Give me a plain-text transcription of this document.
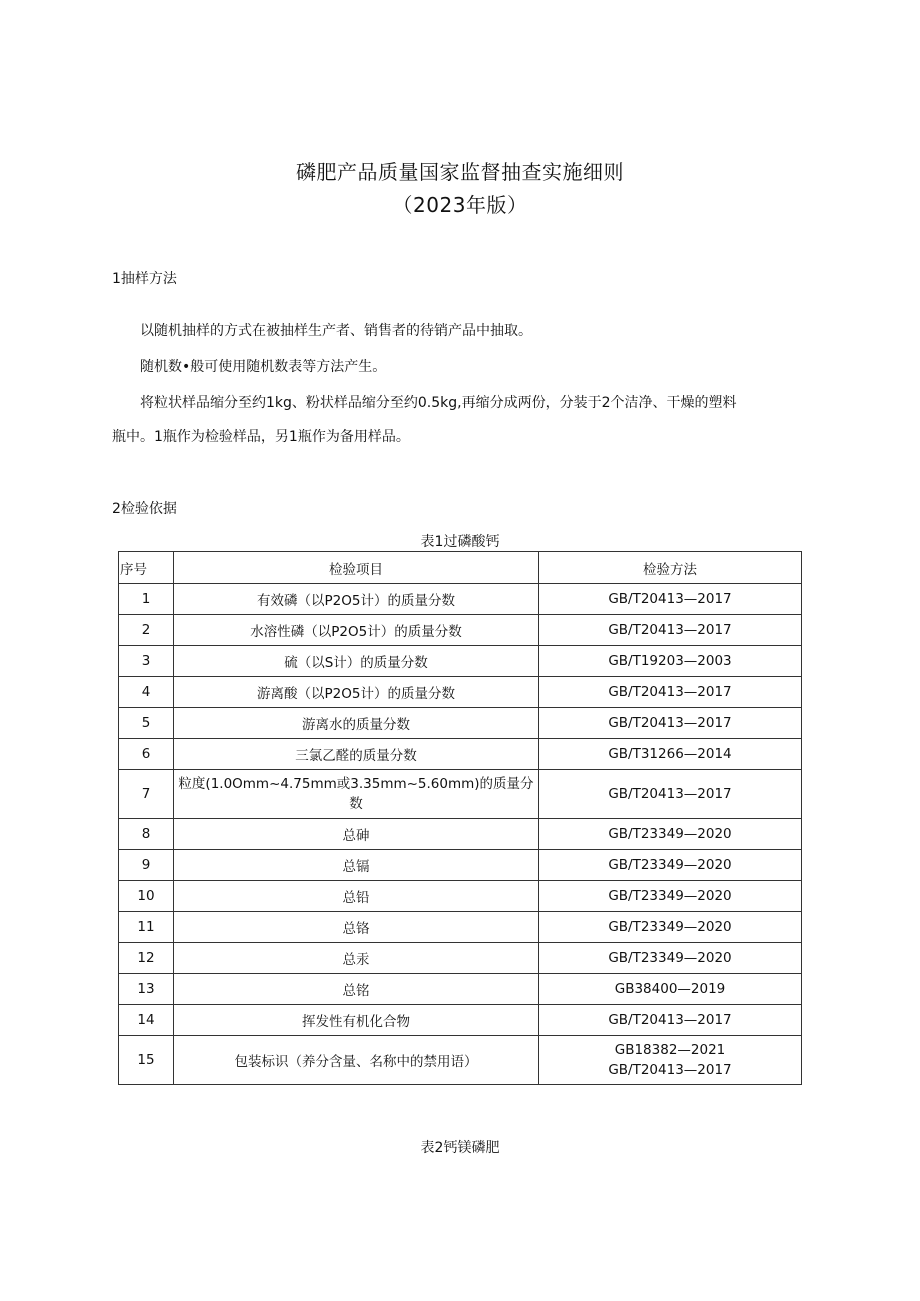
磷肥产品质量国家监督抽查实施细则
（2023年版）
1抽样方法
以随机抽样的方式在被抽样生产者、销售者的待销产品中抽取。
随机数•般可使用随机数表等方法产生。
将粒状样品缩分至约1kg、粉状样品缩分至约0.5kg,再缩分成两份，分装于2个洁净、干燥的塑料
瓶中。1瓶作为检验样品，另1瓶作为备用样品。
2检验依据
表1过磷酸钙
序号	检验项目	检验方法
1	有效磷（以P2O5计）的质量分数	GB/T20413—2017
2	水溶性磷（以P2O5计）的质量分数	GB/T20413—2017
3	硫（以S计）的质量分数	GB/T19203—2003
4	游离酸（以P2O5计）的质量分数	GB/T20413—2017
5	游离水的质量分数	GB/T20413—2017
6	三氯乙醛的质量分数	GB/T31266—2014
7	粒度(1.0Omm~4.75mm或3.35mm~5.60mm)的质量分数	GB/T20413—2017
8	总砷	GB/T23349—2020
9	总镉	GB/T23349—2020
10	总铅	GB/T23349—2020
11	总铬	GB/T23349—2020
12	总汞	GB/T23349—2020
13	总铭	GB38400—2019
14	挥发性有机化合物	GB/T20413—2017
15	包装标识（养分含量、名称中的禁用语）	GB18382—2021
GB/T20413—2017
表2钙镁磷肥
